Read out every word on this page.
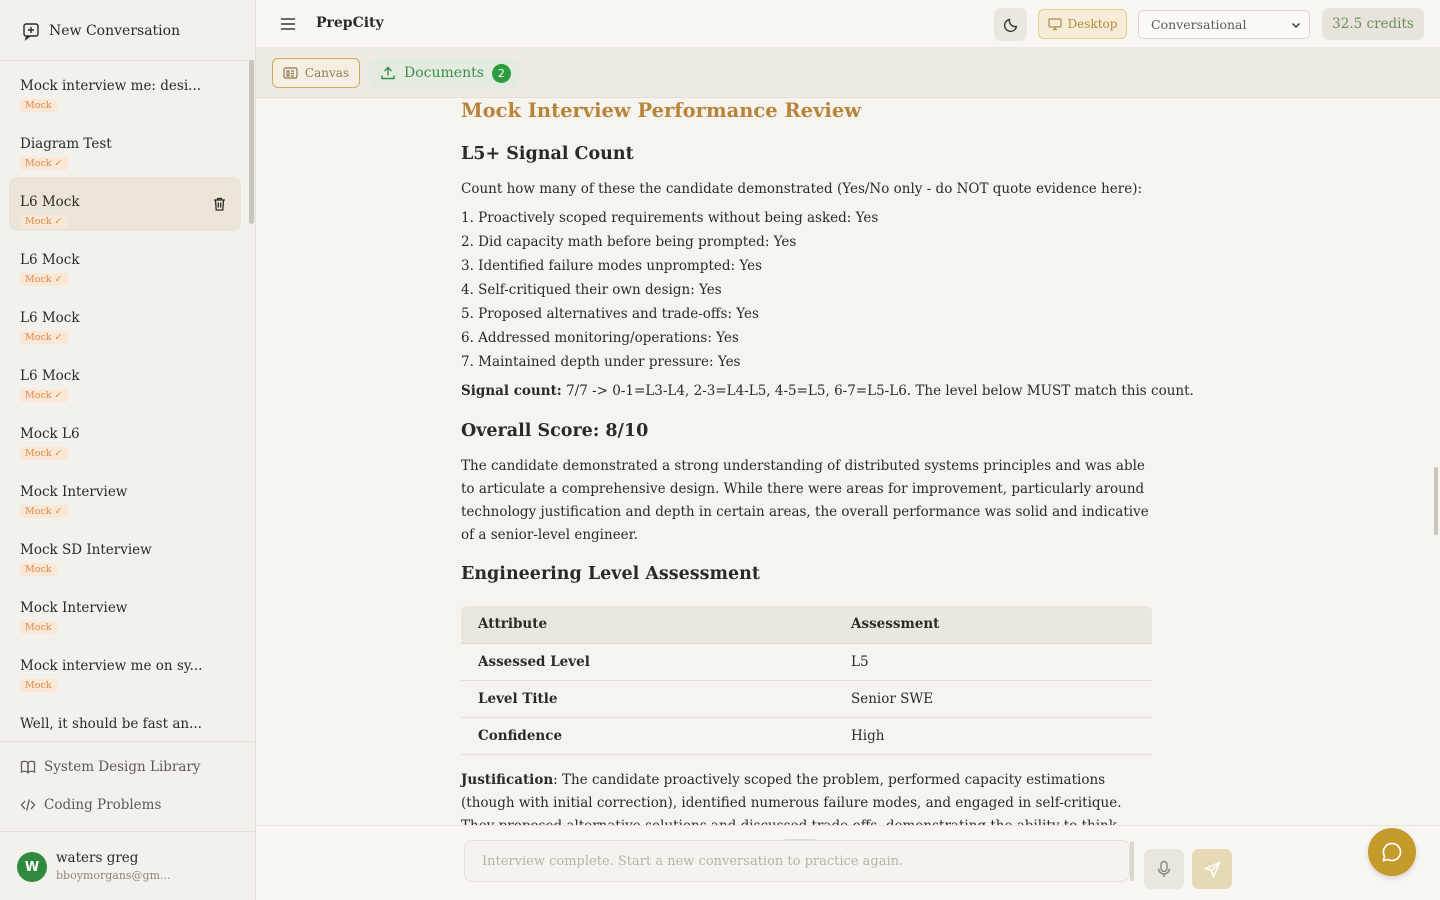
New Conversation
Mock interview me: desi...
Mock
Diagram Test
Mock ✓
L6 Mock
Mock ✓
L6 Mock
Mock ✓
L6 Mock
Mock ✓
L6 Mock
Mock ✓
Mock L6
Mock ✓
Mock Interview
Mock ✓
Mock SD Interview
Mock
Mock Interview
Mock
Mock interview me on sy...
Mock
Well, it should be fast an...
System Design Library
Coding Problems
W
waters greg
bboymorgans@gm...
PrepCity	Desktop	Conversational	32.5 credits
Canvas	Documents	2
Mock Interview Performance Review
L5+ Signal Count
Count how many of these the candidate demonstrated (Yes/No only - do NOT quote evidence here):
1. Proactively scoped requirements without being asked: Yes
2. Did capacity math before being prompted: Yes
3. Identified failure modes unprompted: Yes
4. Self-critiqued their own design: Yes
5. Proposed alternatives and trade-offs: Yes
6. Addressed monitoring/operations: Yes
7. Maintained depth under pressure: Yes
Signal count: 7/7 -> 0-1=L3-L4, 2-3=L4-L5, 4-5=L5, 6-7=L5-L6. The level below MUST match this count.
Overall Score: 8/10
The candidate demonstrated a strong understanding of distributed systems principles and was able to articulate a comprehensive design. While there were areas for improvement, particularly around technology justification and depth in certain areas, the overall performance was solid and indicative of a senior-level engineer.
Engineering Level Assessment
Attribute	Assessment
Assessed Level	L5
Level Title	Senior SWE
Confidence	High
Justification: The candidate proactively scoped the problem, performed capacity estimations (though with initial correction), identified numerous failure modes, and engaged in self-critique.
Interview complete. Start a new conversation to practice again.
